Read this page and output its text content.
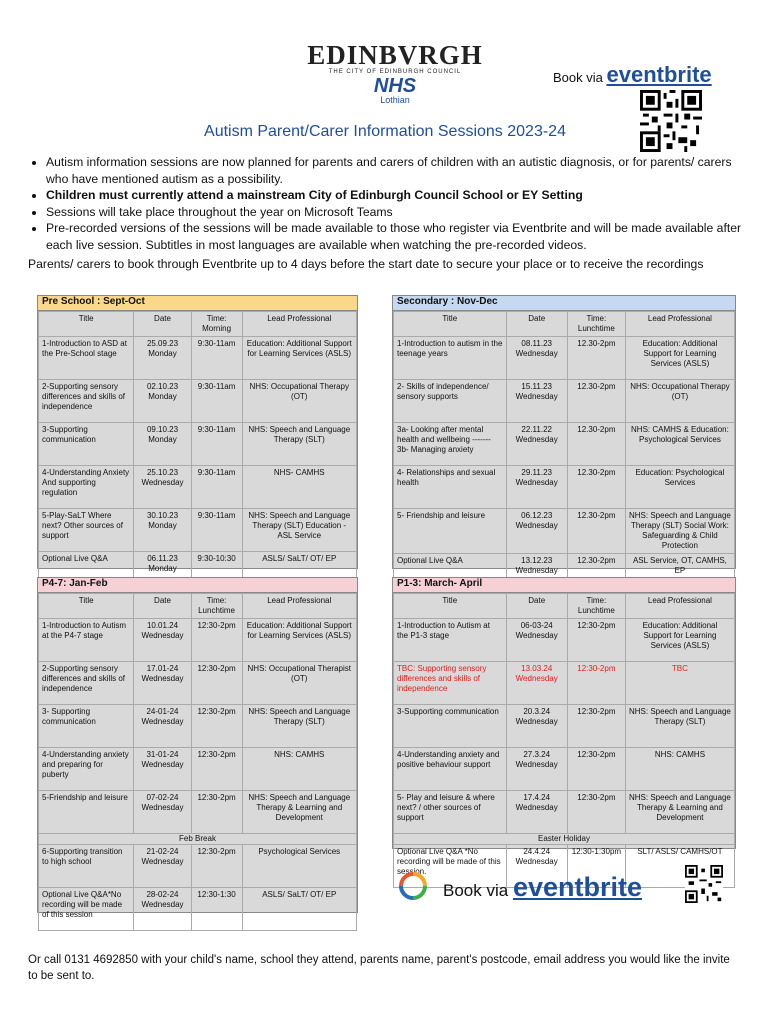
EDINBVRGH
THE CITY OF EDINBURGH COUNCIL
NHS
Lothian
Book via eventbrite
Autism Parent/Carer Information Sessions 2023-24
• Autism information sessions are now planned for parents and carers of children with an autistic diagnosis, or for parents/ carers who have mentioned autism as a possibility.
• Children must currently attend a mainstream City of Edinburgh Council School or EY Setting
• Sessions will take place throughout the year on Microsoft Teams
• Pre-recorded versions of the sessions will be made available to those who register via Eventbrite and will be made available after each live session. Subtitles in most languages are available when watching the pre-recorded videos.
Parents/ carers to book through Eventbrite up to 4 days before the start date to secure your place or to receive the recordings
Pre School : Sept-Oct
Title	Date	Time: Morning	Lead Professional
1-Introduction to ASD at the Pre-School stage	25.09.23 Monday	9:30-11am	Education: Additional Support for Learning Services (ASLS)
2-Supporting sensory differences and skills of independence	02.10.23 Monday	9:30-11am	NHS: Occupational Therapy (OT)
3-Supporting communication	09.10.23 Monday	9:30-11am	NHS: Speech and Language Therapy (SLT)
4-Understanding Anxiety And supporting regulation	25.10.23 Wednesday	9:30-11am	NHS- CAMHS
5-Play-SaLT Where next? Other sources of support	30.10.23 Monday	9:30-11am	NHS: Speech and Language Therapy (SLT) Education -ASL Service
Optional Live Q&A	06.11.23 Monday	9:30-10:30	ASLS/ SaLT/ OT/ EP
Secondary : Nov-Dec
Title	Date	Time: Lunchtime	Lead Professional
1-Introduction to autism in the teenage years	08.11.23 Wednesday	12.30-2pm	Education: Additional Support for Learning Services (ASLS)
2- Skills of independence/ sensory supports	15.11.23 Wednesday	12.30-2pm	NHS: Occupational Therapy (OT)
3a- Looking after mental health and wellbeing ------- 3b- Managing anxiety	22.11.22 Wednesday	12.30-2pm	NHS: CAMHS & Education: Psychological Services
4- Relationships and sexual health	29.11.23 Wednesday	12.30-2pm	Education: Psychological Services
5- Friendship and leisure	06.12.23 Wednesday	12.30-2pm	NHS: Speech and Language Therapy (SLT) Social Work: Safeguarding & Child Protection
Optional Live Q&A	13.12.23 Wednesday	12.30-2pm	ASL Service, OT, CAMHS, EP
P4-7: Jan-Feb
Title	Date	Time: Lunchtime	Lead Professional
1-Introduction to Autism at the P4-7 stage	10.01.24 Wednesday	12:30-2pm	Education: Additional Support for Learning Services (ASLS)
2-Supporting sensory differences and skills of independence	17.01-24 Wednesday	12:30-2pm	NHS: Occupational Therapist (OT)
3- Supporting communication	24-01-24 Wednesday	12:30-2pm	NHS: Speech and Language Therapy (SLT)
4-Understanding anxiety and preparing for puberty	31-01-24 Wednesday	12:30-2pm	NHS: CAMHS
5-Friendship and leisure	07-02-24 Wednesday	12:30-2pm	NHS: Speech and Language Therapy & Learning and Development
Feb Break			
6-Supporting transition to high school	21-02-24 Wednesday	12:30-2pm	Psychological Services
Optional Live Q&A*No recording will be made of this session	28-02-24 Wednesday	12:30-1:30	ASLS/ SaLT/ OT/ EP
P1-3: March- April
Title	Date	Time: Lunchtime	Lead Professional
1-Introduction to Autism at the P1-3 stage	06-03-24 Wednesday	12:30-2pm	Education: Additional Support for Learning Services (ASLS)
TBC: Supporting sensory differences and skills of independence	13.03.24 Wednesday	12:30-2pm	TBC
3-Supporting communication	20.3.24 Wednesday	12:30-2pm	NHS: Speech and Language Therapy (SLT)
4-Understanding anxiety and positive behaviour support	27.3.24 Wednesday	12:30-2pm	NHS: CAMHS
5- Play and leisure & where next? / other sources of support	17.4.24 Wednesday	12:30-2pm	NHS: Speech and Language Therapy & Learning and Development
Easter Holiday			
Optional Live Q&A *No recording will be made of this session.	24.4.24 Wednesday	12:30-1:30pm	SLT/ ASLS/ CAMHS/OT
Book via eventbrite
Or call 0131 4692850 with your child's name, school they attend, parents name, parent's postcode, email address you would like the invite to be sent to.
